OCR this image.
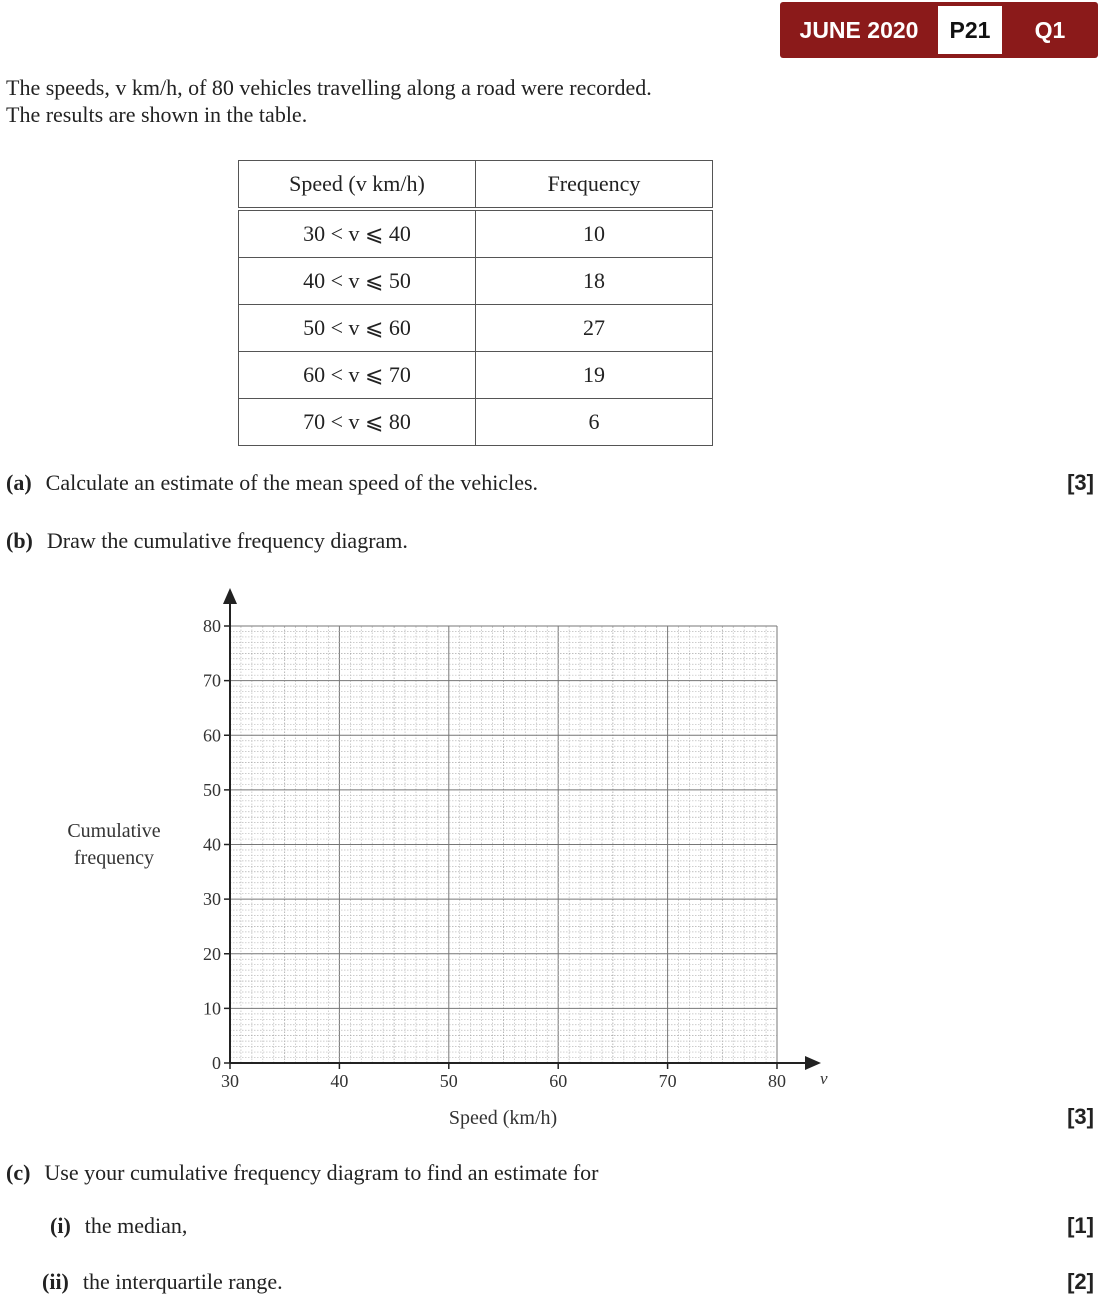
JUNE 2020	P21	Q1

The speeds, v km/h, of 80 vehicles travelling along a road were recorded.

The results are shown in the table.

Speed (v km/h)	Frequency
30 < v ⩽ 40	10
40 < v ⩽ 50	18
50 < v ⩽ 60	27
60 < v ⩽ 70	19
70 < v ⩽ 80	6
(a) Calculate an estimate of the mean speed of the vehicles.	[3]
(b) Draw the cumulative frequency diagram.
0
10
20
30
40
50
60
70
80
30	40	50	60	70	80
Cumulative
frequency
Speed (km/h)
v
[3]
(c) Use your cumulative frequency diagram to find an estimate for
(i) the median,	[1]
(ii) the interquartile range.	[2]
